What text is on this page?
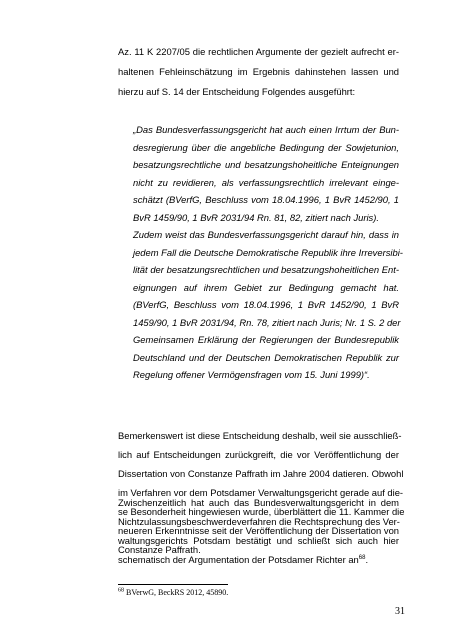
Az. 11 K 2207/05 die rechtlichen Argumente der gezielt aufrecht er-
haltenen Fehleinschätzung im Ergebnis dahinstehen lassen und
hierzu auf S. 14 der Entscheidung Folgendes ausgeführt:
„Das Bundesverfassungsgericht hat auch einen Irrtum der Bun-
desregierung über die angebliche Bedingung der Sowjetunion,
besatzungsrechtliche und besatzungshoheitliche Enteignungen
nicht zu revidieren, als verfassungsrechtlich irrelevant einge-
schätzt (BVerfG, Beschluss vom 18.04.1996, 1 BvR 1452/90, 1
BvR 1459/90, 1 BvR 2031/94 Rn. 81, 82, zitiert nach Juris).
Zudem weist das Bundesverfassungsgericht darauf hin, dass in
jedem Fall die Deutsche Demokratische Republik ihre Irreversibi-
lität der besatzungsrechtlichen und besatzungshoheitlichen Ent-
eignungen auf ihrem Gebiet zur Bedingung gemacht hat.
(BVerfG, Beschluss vom 18.04.1996, 1 BvR 1452/90, 1 BvR
1459/90, 1 BvR 2031/94, Rn. 78, zitiert nach Juris; Nr. 1 S. 2 der
Gemeinsamen Erklärung der Regierungen der Bundesrepublik
Deutschland und der Deutschen Demokratischen Republik zur
Regelung offener Vermögensfragen vom 15. Juni 1999)“.
Bemerkenswert ist diese Entscheidung deshalb, weil sie ausschließ-
lich auf Entscheidungen zurückgreift, die vor Veröffentlichung der
Dissertation von Constanze Paffrath im Jahre 2004 datieren. Obwohl
im Verfahren vor dem Potsdamer Verwaltungsgericht gerade auf die-
se Besonderheit hingewiesen wurde, überblättert die 11. Kammer die
neueren Erkenntnisse seit der Veröffentlichung der Dissertation von
Constanze Paffrath.
Zwischenzeitlich hat auch das Bundesverwaltungsgericht in dem
Nichtzulassungsbeschwerdeverfahren die Rechtsprechung des Ver-
waltungsgerichts Potsdam bestätigt und schließt sich auch hier
schematisch der Argumentation der Potsdamer Richter $an^{68}$.
$^{68}$ BVerwG, BeckRS 2012, 45890.
31
